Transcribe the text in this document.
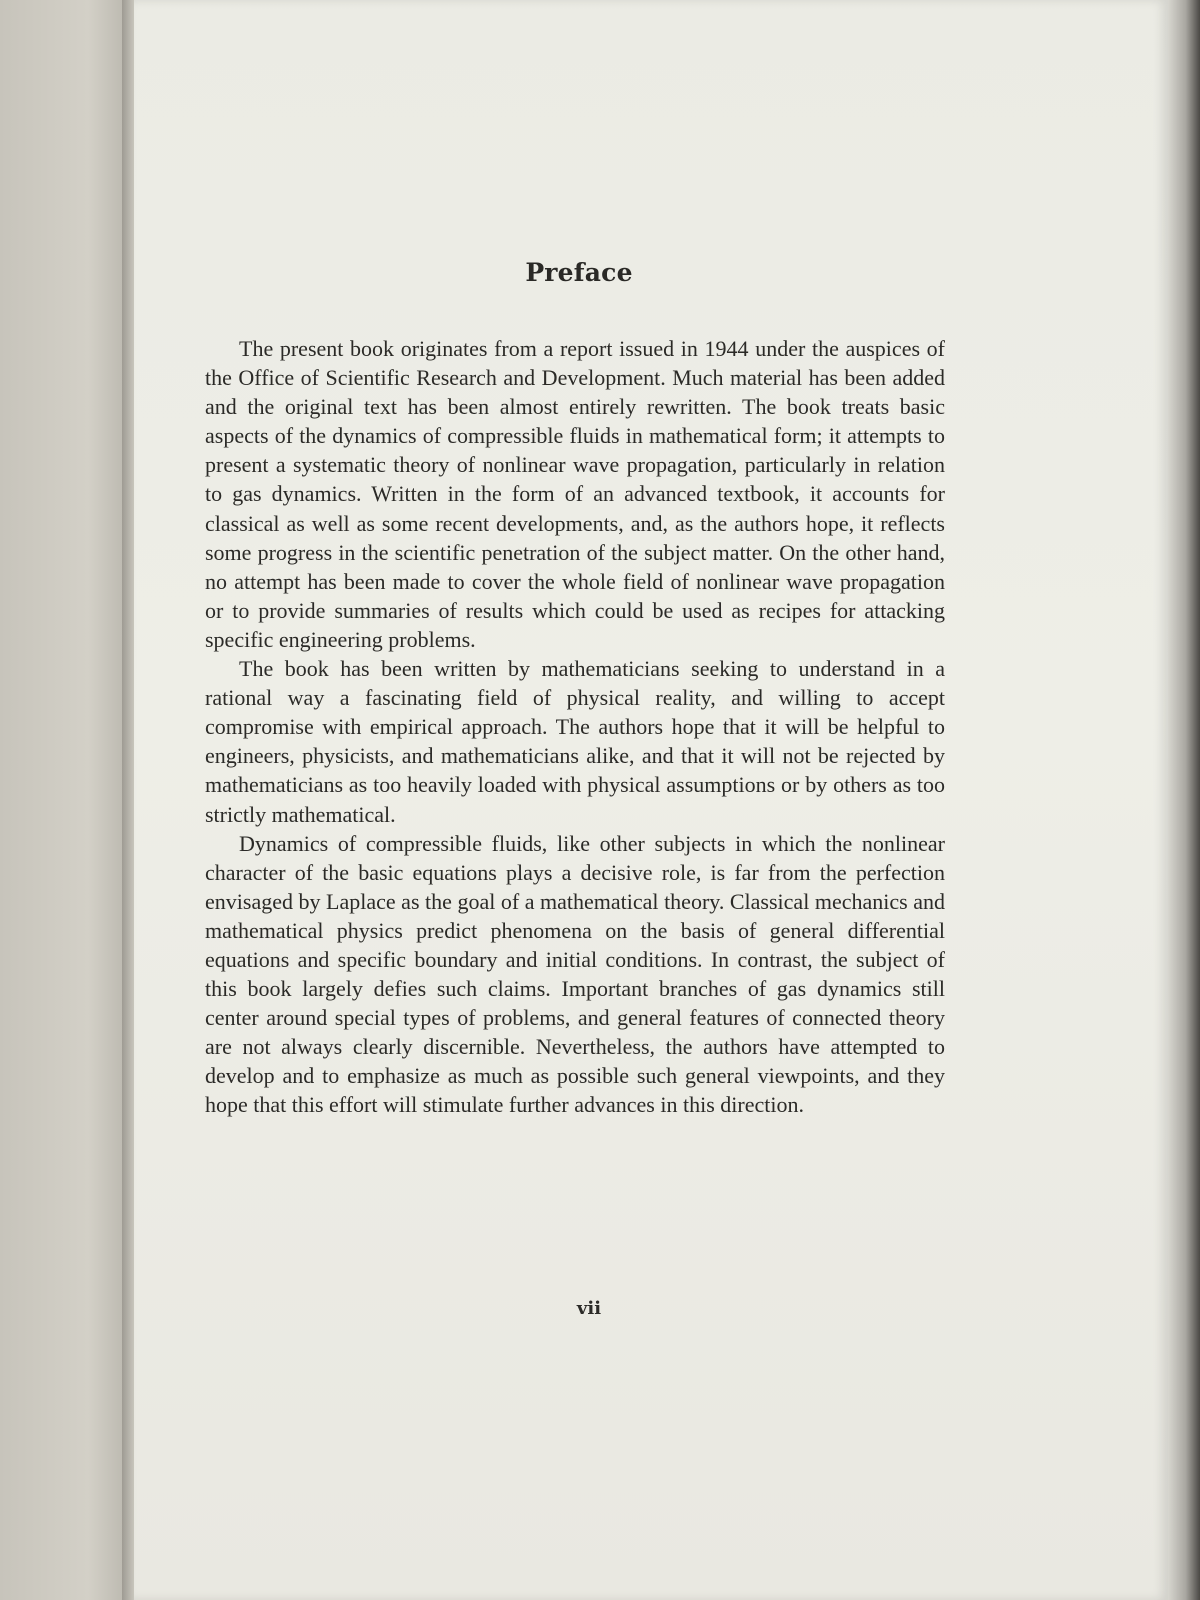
Preface

The present book originates from a report issued in 1944 under the auspices of the Office of Scientific Research and Development. Much material has been added and the original text has been almost entirely rewritten. The book treats basic aspects of the dynamics of compressible fluids in mathematical form; it attempts to present a systematic theory of nonlinear wave propagation, particularly in relation to gas dynamics. Written in the form of an advanced textbook, it accounts for classical as well as some recent developments, and, as the authors hope, it reflects some progress in the scientific penetration of the subject matter. On the other hand, no attempt has been made to cover the whole field of nonlinear wave propagation or to provide summaries of results which could be used as recipes for attacking specific engineering problems.

The book has been written by mathematicians seeking to understand in a rational way a fascinating field of physical reality, and willing to accept compromise with empirical approach. The authors hope that it will be helpful to engineers, physicists, and mathematicians alike, and that it will not be rejected by mathematicians as too heavily loaded with physical assumptions or by others as too strictly mathematical.

Dynamics of compressible fluids, like other subjects in which the nonlinear character of the basic equations plays a decisive role, is far from the perfection envisaged by Laplace as the goal of a mathematical theory. Classical mechanics and mathematical physics predict phenomena on the basis of general differential equations and specific boundary and initial conditions. In contrast, the subject of this book largely defies such claims. Important branches of gas dynamics still center around special types of problems, and general features of connected theory are not always clearly discernible. Nevertheless, the authors have attempted to develop and to emphasize as much as possible such general viewpoints, and they hope that this effort will stimulate further advances in this direction.

vii
